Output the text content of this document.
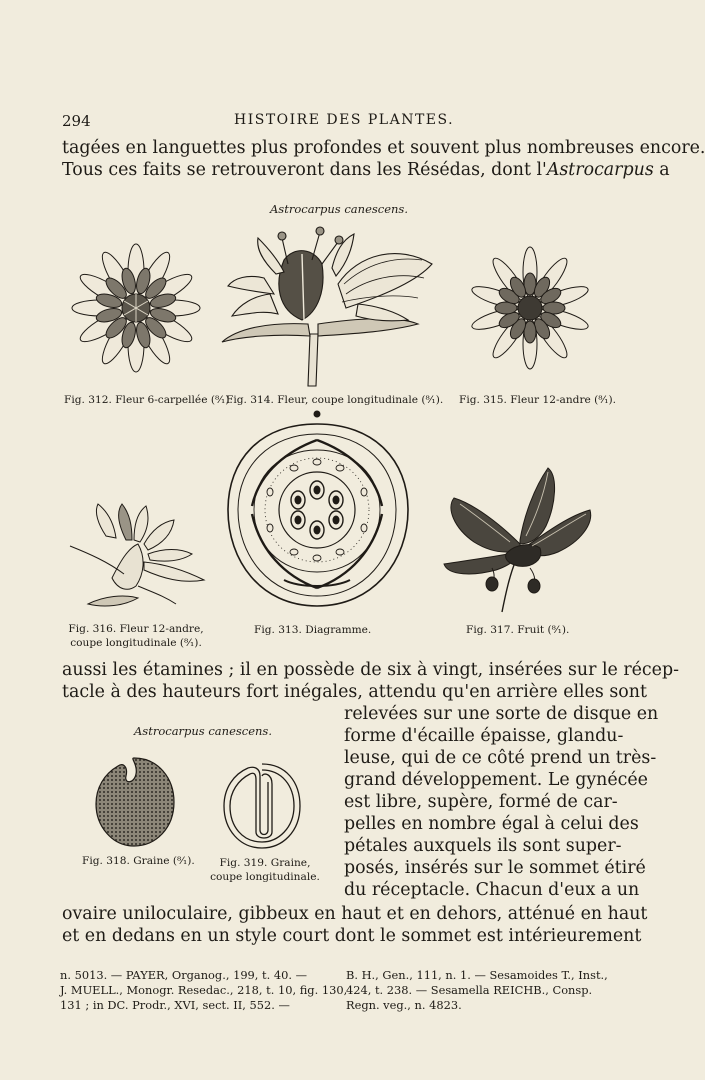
294	HISTOIRE DES PLANTES.
tagées en languettes plus profondes et souvent plus nombreuses encore.
Tous ces faits se retrouveront dans les Résédas, dont l'Astrocarpus a
Astrocarpus canescens.
Fig. 312. Fleur 6-carpellée (⁸⁄₁).
Fig. 314. Fleur, coupe longitudinale (⁸⁄₁). Fig. 315. Fleur 12-andre (⁸⁄₁).
Fig. 316. Fleur 12-andre,
coupe longitudinale (⁸⁄₁).
Fig. 313. Diagramme.	Fig. 317. Fruit (⁸⁄₁).
aussi les étamines ; il en possède de six à vingt, insérées sur le récep-
tacle à des hauteurs fort inégales, attendu qu'en arrière elles sont
Astrocarpus canescens.
Fig. 318. Graine (⁸⁄₁).	Fig. 319. Graine,
coupe longitudinale.
relevées sur une sorte de disque en
forme d'écaille épaisse, glandu-
leuse, qui de ce côté prend un très-
grand développement. Le gynécée
est libre, supère, formé de car-
pelles en nombre égal à celui des
pétales auxquels ils sont super-
posés, insérés sur le sommet étiré
du réceptacle. Chacun d'eux a un
ovaire uniloculaire, gibbeux en haut et en dehors, atténué en haut
et en dedans en un style court dont le sommet est intérieurement
n. 5013. — PAYER, Organog., 199, t. 40. —
J. MUELL., Monogr. Resedac., 218, t. 10, fig. 130,
131 ; in DC. Prodr., XVI, sect. II, 552. —
B. H., Gen., 111, n. 1. — Sesamoides T., Inst.,
424, t. 238. — Sesamella REICHB., Consp.
Regn. veg., n. 4823.
